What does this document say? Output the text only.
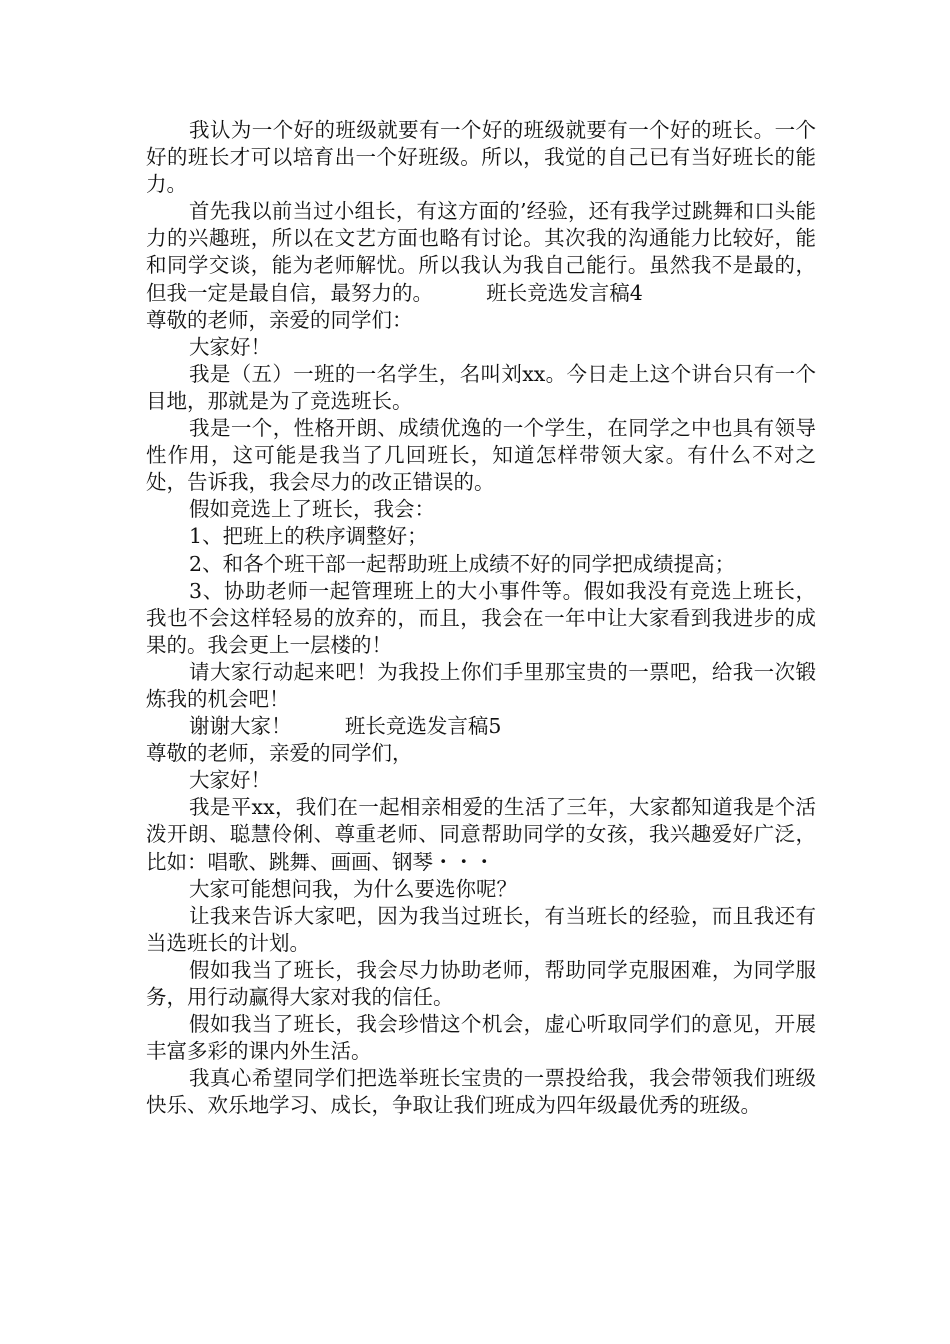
我认为一个好的班级就要有一个好的班级就要有一个好的班长。一个好的班长才可以培育出一个好班级。所以，我觉的自己已有当好班长的能力。

首先我以前当过小组长，有这方面的’经验，还有我学过跳舞和口头能力的兴趣班，所以在文艺方面也略有讨论。其次我的沟通能力比较好，能和同学交谈，能为老师解忧。所以我认为我自己能行。虽然我不是最的，但我一定是最自信，最努力的。	班长竞选发言稿4

尊敬的老师，亲爱的同学们：

大家好！

我是（五）一班的一名学生，名叫刘xx。今日走上这个讲台只有一个目地，那就是为了竞选班长。

我是一个，性格开朗、成绩优逸的一个学生，在同学之中也具有领导性作用，这可能是我当了几回班长，知道怎样带领大家。有什么不对之处，告诉我，我会尽力的改正错误的。

假如竞选上了班长，我会：

1、把班上的秩序调整好；

2、和各个班干部一起帮助班上成绩不好的同学把成绩提高；

3、协助老师一起管理班上的大小事件等。假如我没有竞选上班长，我也不会这样轻易的放弃的，而且，我会在一年中让大家看到我进步的成果的。我会更上一层楼的！

请大家行动起来吧！为我投上你们手里那宝贵的一票吧，给我一次锻炼我的机会吧！

谢谢大家！	班长竞选发言稿5

尊敬的老师，亲爱的同学们，

大家好！

我是平xx，我们在一起相亲相爱的生活了三年，大家都知道我是个活泼开朗、聪慧伶俐、尊重老师、同意帮助同学的女孩，我兴趣爱好广泛，比如：唱歌、跳舞、画画、钢琴・・・

大家可能想问我，为什么要选你呢？

让我来告诉大家吧，因为我当过班长，有当班长的经验，而且我还有当选班长的计划。

假如我当了班长，我会尽力协助老师，帮助同学克服困难，为同学服务，用行动赢得大家对我的信任。

假如我当了班长，我会珍惜这个机会，虚心听取同学们的意见，开展丰富多彩的课内外生活。

我真心希望同学们把选举班长宝贵的一票投给我，我会带领我们班级快乐、欢乐地学习、成长，争取让我们班成为四年级最优秀的班级。
